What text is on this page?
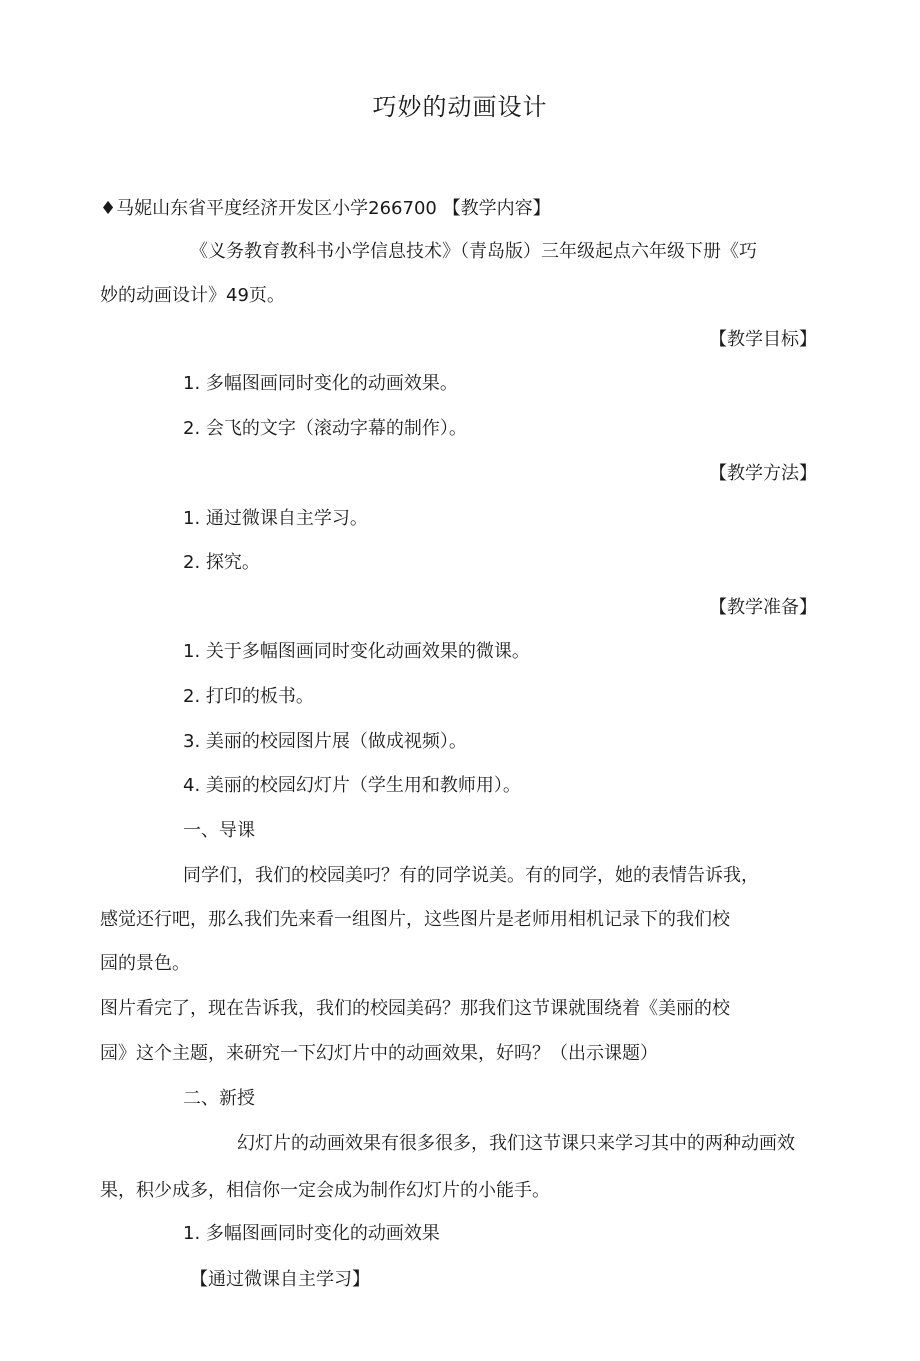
巧妙的动画设计
♦马妮山东省平度经济开发区小学266700 【教学内容】
《义务教育教科书小学信息技术》（青岛版）三年级起点六年级下册《巧
妙的动画设计》49页。
【教学目标】
1. 多幅图画同时变化的动画效果。
2. 会飞的文字（滚动字幕的制作）。
【教学方法】
1. 通过微课自主学习。
2. 探究。
【教学准备】
1. 关于多幅图画同时变化动画效果的微课。
2. 打印的板书。
3. 美丽的校园图片展（做成视频）。
4. 美丽的校园幻灯片（学生用和教师用）。
一、导课
同学们，我们的校园美叼？有的同学说美。有的同学，她的表情告诉我，
感觉还行吧，那么我们先来看一组图片，这些图片是老师用相机记录下的我们校
园的景色。
图片看完了，现在告诉我，我们的校园美码？那我们这节课就围绕着《美丽的校
园》这个主题，来研究一下幻灯片中的动画效果，好吗？（出示课题）
二、新授
幻灯片的动画效果有很多很多，我们这节课只来学习其中的两种动画效
果，积少成多，相信你一定会成为制作幻灯片的小能手。
1. 多幅图画同时变化的动画效果
【通过微课自主学习】
